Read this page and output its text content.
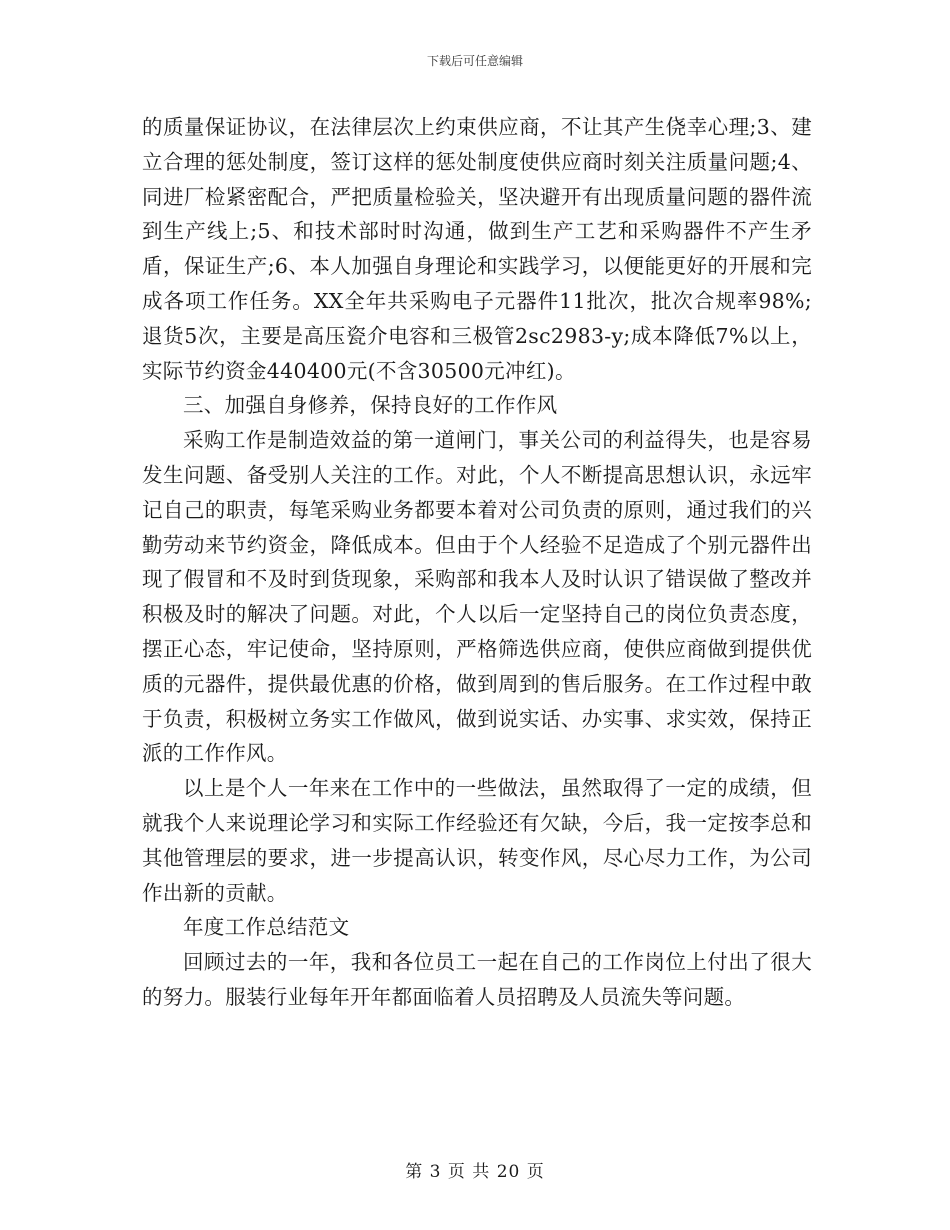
下载后可任意编辑

的质量保证协议，在法律层次上约束供应商，不让其产生侥幸心理;3、建立合理的惩处制度，签订这样的惩处制度使供应商时刻关注质量问题;4、同进厂检紧密配合，严把质量检验关，坚决避开有出现质量问题的器件流到生产线上;5、和技术部时时沟通，做到生产工艺和采购器件不产生矛盾，保证生产;6、本人加强自身理论和实践学习，以便能更好的开展和完成各项工作任务。XX全年共采购电子元器件11批次，批次合规率98%;退货5次，主要是高压瓷介电容和三极管2sc2983-y;成本降低7%以上，实际节约资金440400元(不含30500元冲红)。

三、加强自身修养，保持良好的工作作风

采购工作是制造效益的第一道闸门，事关公司的利益得失，也是容易发生问题、备受别人关注的工作。对此，个人不断提高思想认识，永远牢记自己的职责，每笔采购业务都要本着对公司负责的原则，通过我们的兴勤劳动来节约资金，降低成本。但由于个人经验不足造成了个别元器件出现了假冒和不及时到货现象，采购部和我本人及时认识了错误做了整改并积极及时的解决了问题。对此，个人以后一定坚持自己的岗位负责态度，摆正心态，牢记使命，坚持原则，严格筛选供应商，使供应商做到提供优质的元器件，提供最优惠的价格，做到周到的售后服务。在工作过程中敢于负责，积极树立务实工作做风，做到说实话、办实事、求实效，保持正派的工作作风。

以上是个人一年来在工作中的一些做法，虽然取得了一定的成绩，但就我个人来说理论学习和实际工作经验还有欠缺，今后，我一定按李总和其他管理层的要求，进一步提高认识，转变作风，尽心尽力工作，为公司作出新的贡献。

年度工作总结范文

回顾过去的一年，我和各位员工一起在自己的工作岗位上付出了很大的努力。服装行业每年开年都面临着人员招聘及人员流失等问题。

第 3 页 共 20 页
